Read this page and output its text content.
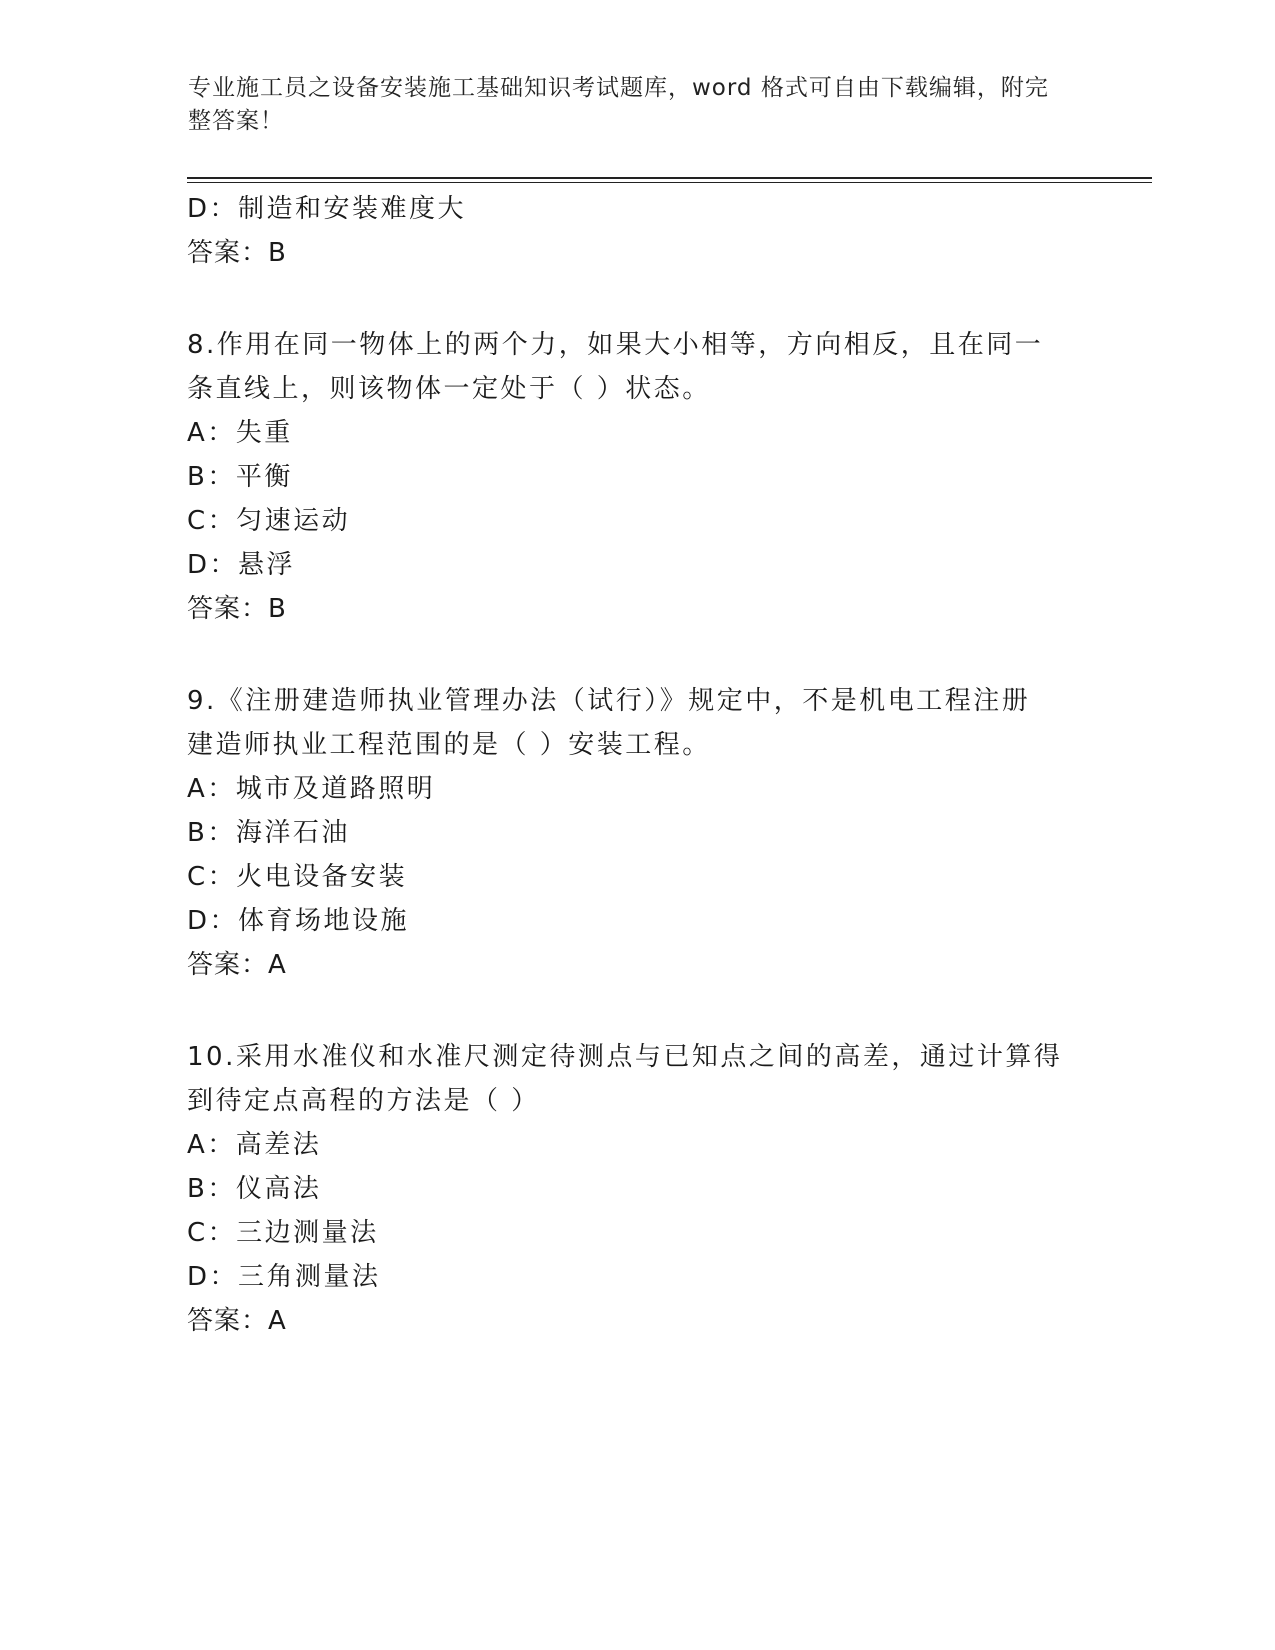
专业施工员之设备安装施工基础知识考试题库，word 格式可自由下载编辑，附完
整答案！
D：制造和安装难度大
答案：B
8.作用在同一物体上的两个力，如果大小相等，方向相反，且在同一
条直线上，则该物体一定处于（ ）状态。
A：失重
B：平衡
C：匀速运动
D：悬浮
答案：B
9.《注册建造师执业管理办法（试行）》规定中，不是机电工程注册
建造师执业工程范围的是（ ）安装工程。
A：城市及道路照明
B：海洋石油
C：火电设备安装
D：体育场地设施
答案：A
10.采用水准仪和水准尺测定待测点与已知点之间的高差，通过计算得
到待定点高程的方法是（ ）
A：高差法
B：仪高法
C：三边测量法
D：三角测量法
答案：A
